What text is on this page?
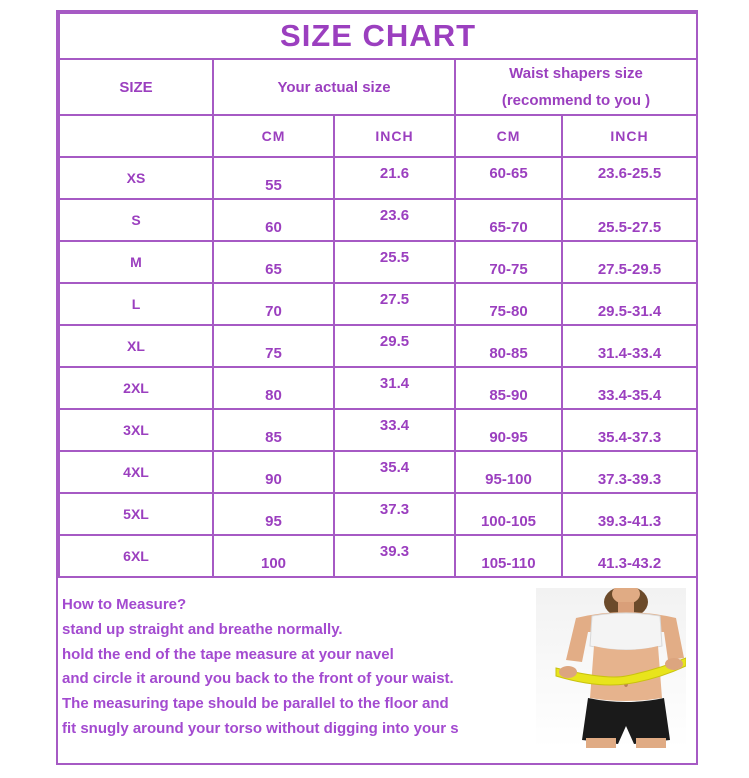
SIZE CHART				
SIZE	Your actual size		Waist shapers size
(recommend to you )	

	CM	INCH	CM	INCH

XS	55	21.6	60-65	23.6-25.5

S	60	23.6	65-70	25.5-27.5

M	65	25.5	70-75	27.5-29.5

L	70	27.5	75-80	29.5-31.4

XL	75	29.5	80-85	31.4-33.4

2XL	80	31.4	85-90	33.4-35.4

3XL	85	33.4	90-95	35.4-37.3

4XL	90	35.4	95-100	37.3-39.3

5XL	95	37.3	100-105	39.3-41.3

6XL	100	39.3	105-110	41.3-43.2
How to Measure?
stand up straight and breathe normally.
hold the end of the tape measure at your navel
and circle it around you back to the front of your waist.
The measuring tape should be parallel to the floor and
fit snugly around your torso without digging into your s
